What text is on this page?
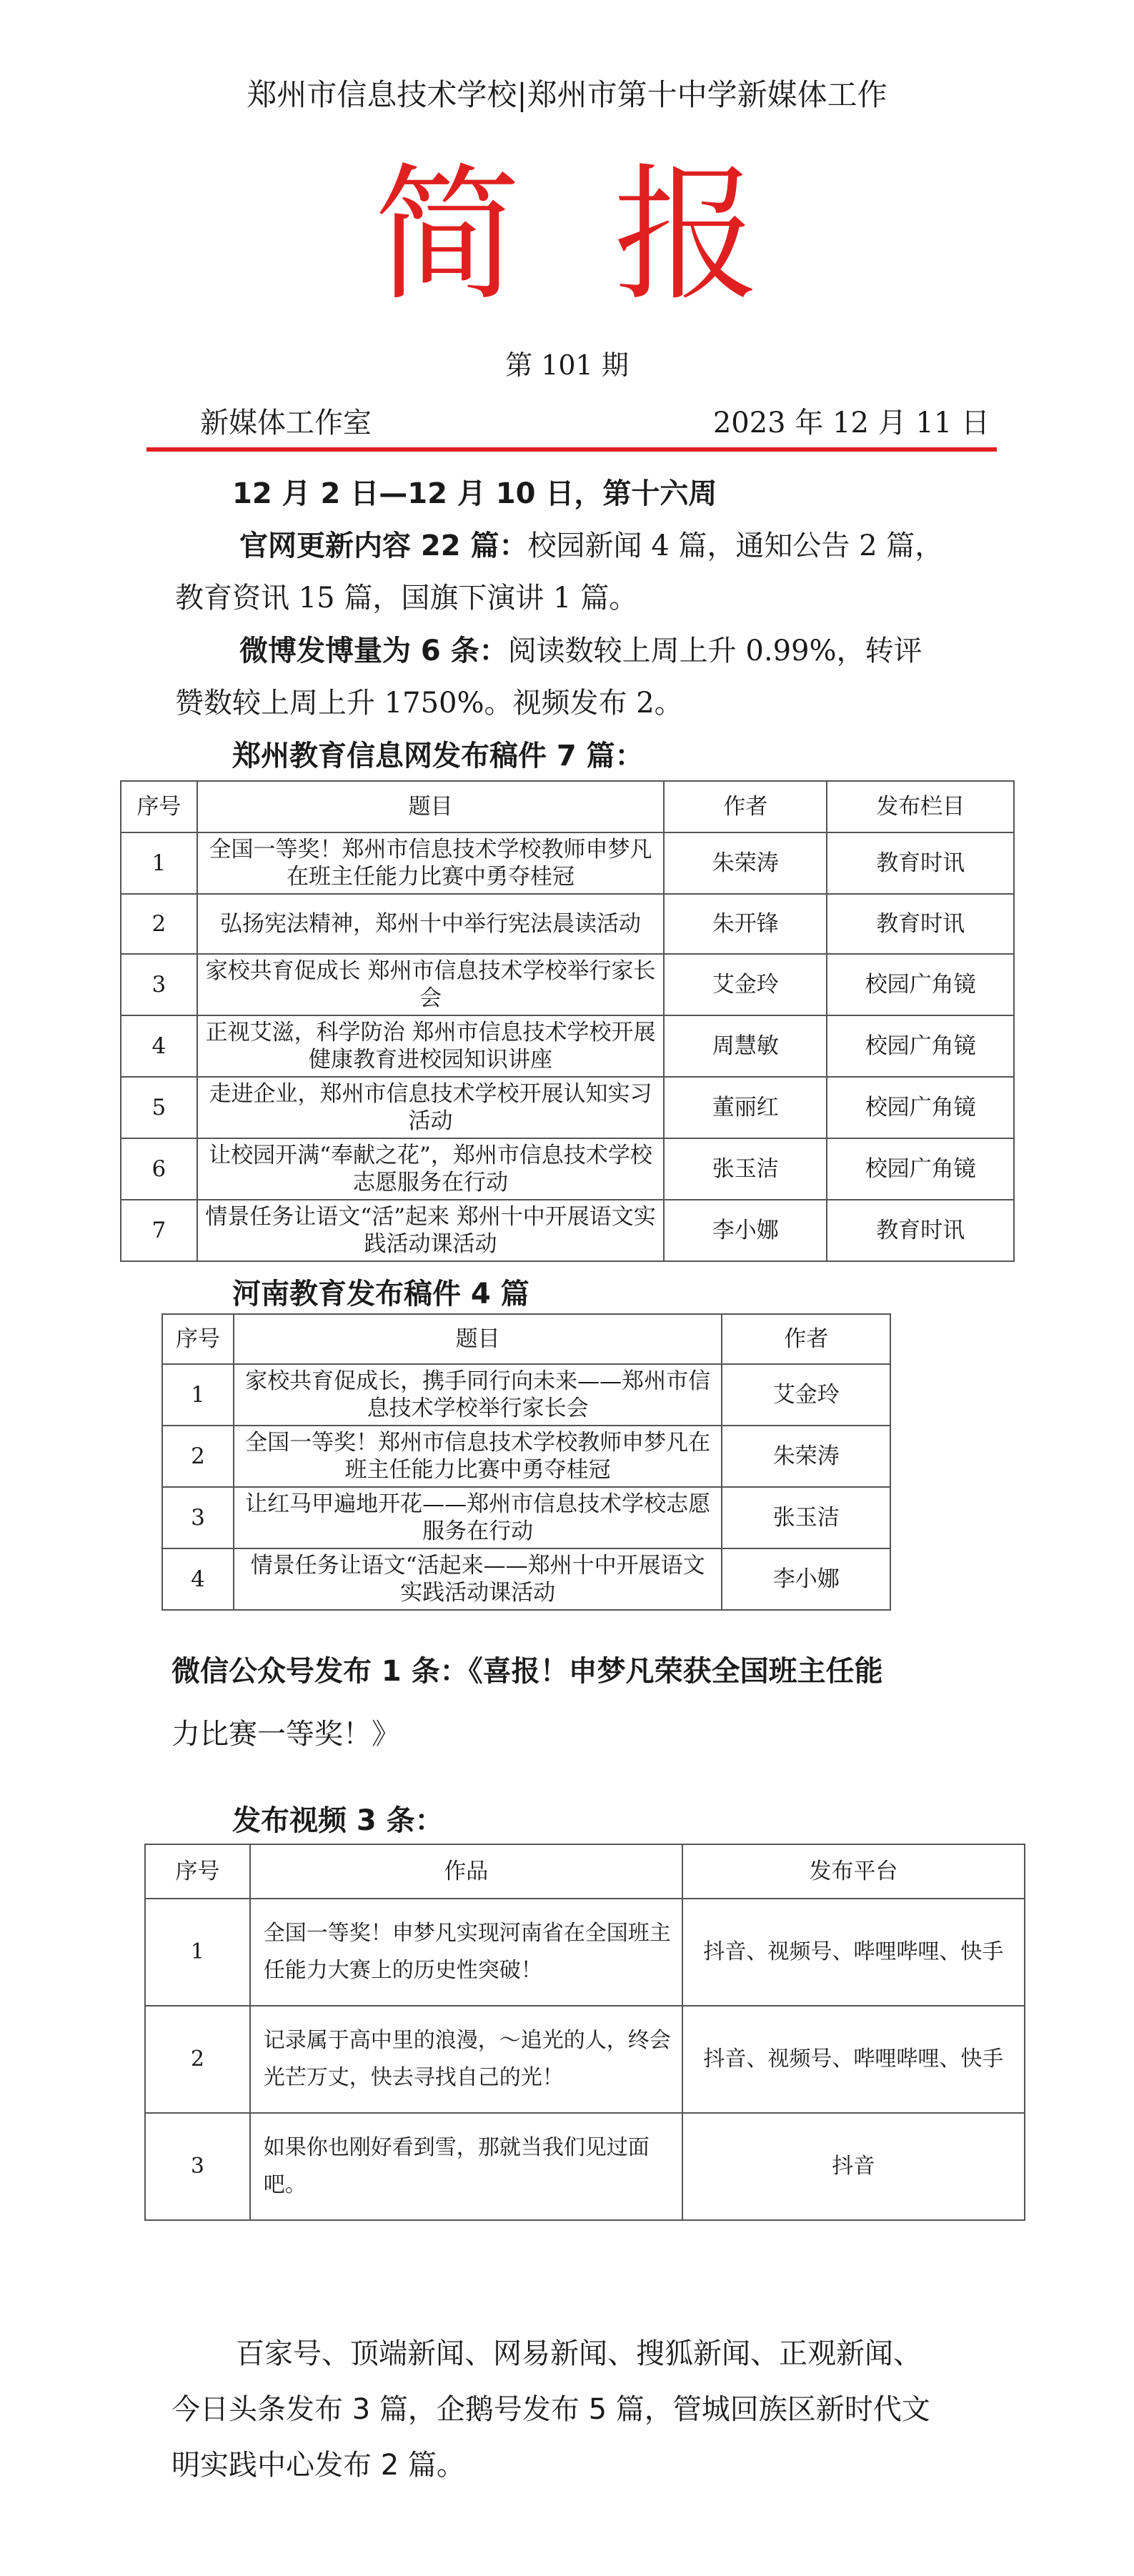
郑州市信息技术学校|郑州市第十中学新媒体工作
简报
第 101 期
新媒体工作室	2023 年 12 月 11 日
12 月 2 日—12 月 10 日，第十六周
官网更新内容 22 篇：校园新闻 4 篇，通知公告 2 篇，
教育资讯 15 篇，国旗下演讲 1 篇。
微博发博量为 6 条：阅读数较上周上升 0.99%，转评
赞数较上周上升 1750%。视频发布 2。
郑州教育信息网发布稿件 7 篇：
序号	题目	作者	发布栏目
1	全国一等奖！郑州市信息技术学校教师申梦凡在班主任能力比赛中勇夺桂冠	朱荣涛	教育时讯
2	弘扬宪法精神，郑州十中举行宪法晨读活动	朱开锋	教育时讯
3	家校共育促成长 郑州市信息技术学校举行家长会	艾金玲	校园广角镜
4	正视艾滋，科学防治 郑州市信息技术学校开展健康教育进校园知识讲座	周慧敏	校园广角镜
5	走进企业，郑州市信息技术学校开展认知实习活动	董丽红	校园广角镜
6	让校园开满“奉献之花”，郑州市信息技术学校志愿服务在行动	张玉洁	校园广角镜
7	情景任务让语文“活”起来 郑州十中开展语文实践活动课活动	李小娜	教育时讯
河南教育发布稿件 4 篇
序号	题目	作者
1	家校共育促成长，携手同行向未来——郑州市信息技术学校举行家长会	艾金玲
2	全国一等奖！郑州市信息技术学校教师申梦凡在班主任能力比赛中勇夺桂冠	朱荣涛
3	让红马甲遍地开花——郑州市信息技术学校志愿服务在行动	张玉洁
4	情景任务让语文“活起来——郑州十中开展语文实践活动课活动	李小娜
微信公众号发布 1 条：《喜报！申梦凡荣获全国班主任能
力比赛一等奖！》
发布视频 3 条：
序号	作品	发布平台
1	全国一等奖！申梦凡实现河南省在全国班主任能力大赛上的历史性突破！	抖音、视频号、哔哩哔哩、快手
2	记录属于高中里的浪漫，～追光的人，终会光芒万丈，快去寻找自己的光！	抖音、视频号、哔哩哔哩、快手
3	如果你也刚好看到雪，那就当我们见过面吧。	抖音
百家号、顶端新闻、网易新闻、搜狐新闻、正观新闻、
今日头条发布 3 篇，企鹅号发布 5 篇，管城回族区新时代文
明实践中心发布 2 篇。
